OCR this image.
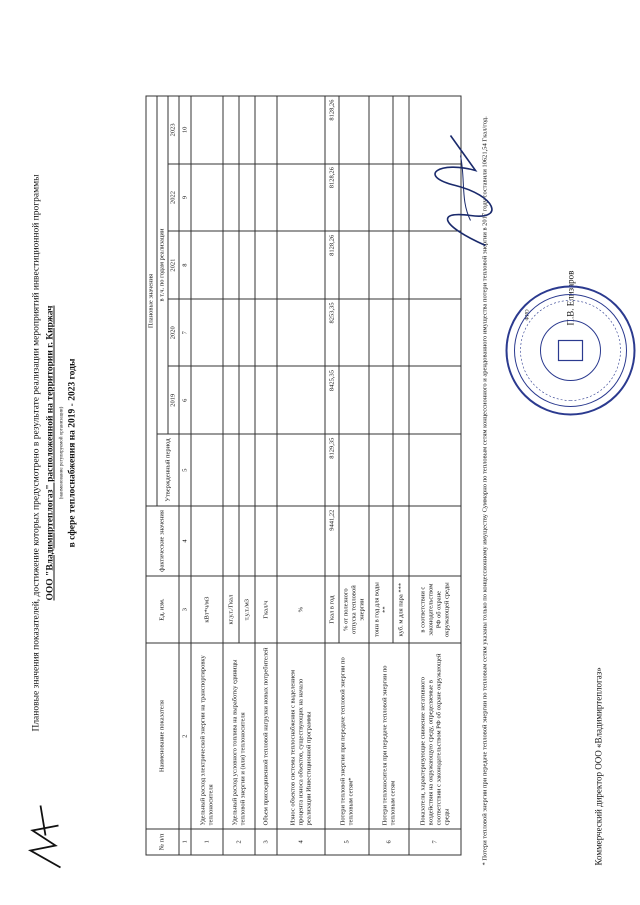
Плановые значения показателей, достижение которых предусмотрено в результате реализации мероприятий инвестиционной программы ООО "Владимиртеплогаз" расположенной на территории г. Киржач (наименование регулируемой организации) в сфере теплоснабжения на 2019 - 2023 годы
№ п/п	Наименование показателя	Ед. изм.	фактические значения	Плановые значения					
				Утвержденный период	в т.ч. по годам реализации				
					2019	2020	2021	2022	2023
1	2	3	4	5	6	7	8	9	10
1	Удельный расход электрической энергии на транспортировку теплоносителя	кВт*ч/м3							
2	Удельный расход условного топлива на выработку единицы тепловой энергии и (или) теплоносителя	кг.у.т./Гкал							
		т.у.т./м3							
3	Объем присоединенной тепловой нагрузки новых потребителей	Гкал/ч							
4	Износ объектов системы теплоснабжения с выделением процента износа объектов, существующих на начало реализации Инвестиционной программы	%							
5	Потери тепловой энергии при передаче тепловой энергии по тепловым сетям*	Гкал в год	9441,22	8129,35	8425,35	8253,35	8128,26	8128,26	8128,26
		% от полезного отпуска тепловой энергии							
6	Потери теплоносителя при передаче тепловой энергии по тепловым сетям	тонн в год для воды **							
		куб. м для пара ***							
7	Показатели, характеризующие снижение негативного воздействия на окружающую среду, определяемые в соответствии с законодательством РФ об охране окружающей среды	в соответствии с законодательством РФ об охране окружающей среды								* Потери тепловой энергии при передаче тепловой энергии по тепловым сетям указаны только по концессионному имуществу Суммарно по тепловым сетям концессионного и арендованного имущества потери тепловой энергии в 2017 году составили 10621,54 Гкал/год.	Коммерческий директор ООО «Владимиртеплогаз»
ФИО	П.В. Елизаров
